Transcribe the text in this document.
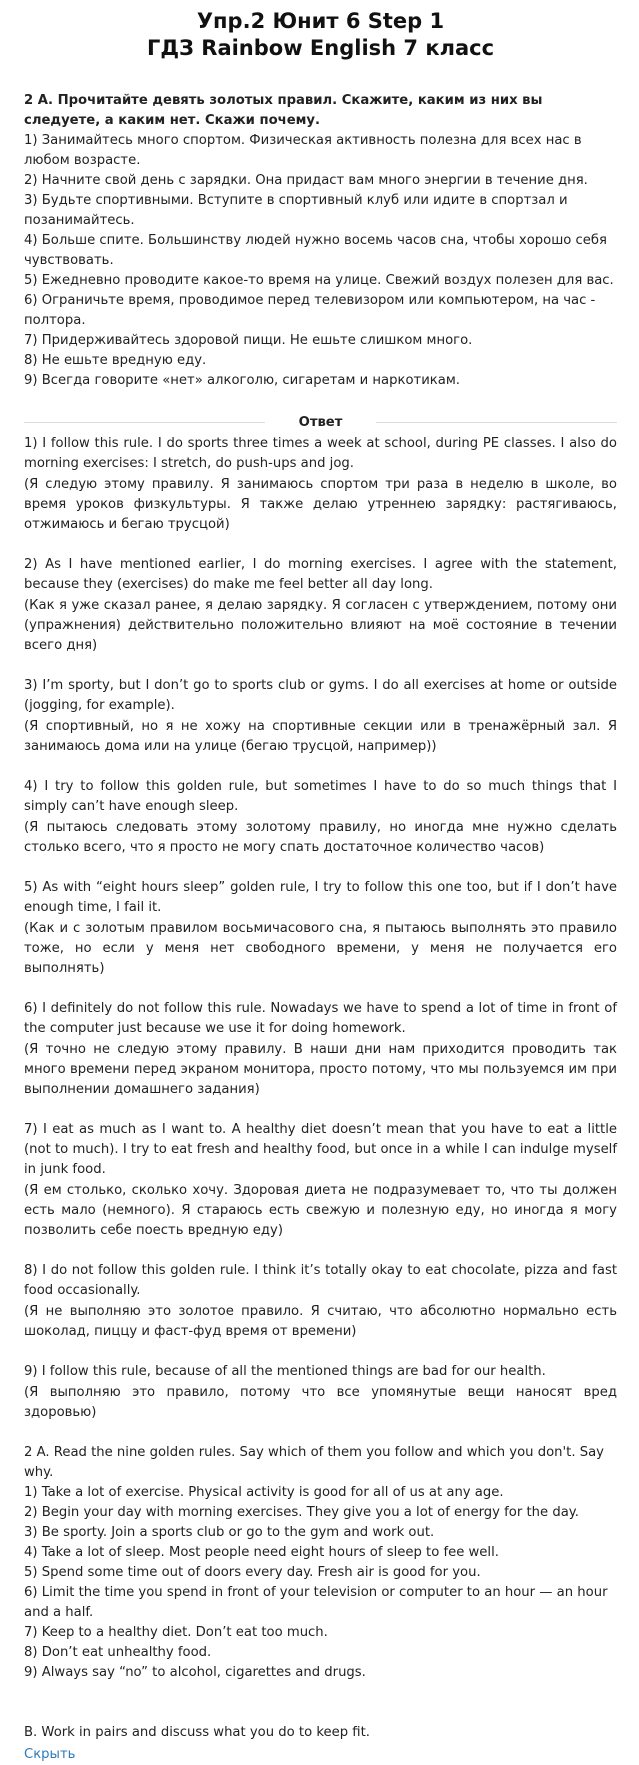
Упр.2 Юнит 6 Step 1
ГДЗ Rainbow English 7 класс

2 А. Прочитайте девять золотых правил. Скажите, каким из них вы следуете, а каким нет. Скажи почему.

1) Занимайтесь много спортом. Физическая активность полезна для всех нас в любом возрасте.

2) Начните свой день с зарядки. Она придаст вам много энергии в течение дня.

3) Будьте спортивными. Вступите в спортивный клуб или идите в спортзал и позанимайтесь.

4) Больше спите. Большинству людей нужно восемь часов сна, чтобы хорошо себя чувствовать.

5) Ежедневно проводите какое-то время на улице. Свежий воздух полезен для вас.

6) Ограничьте время, проводимое перед телевизором или компьютером, на час - полтора.

7) Придерживайтесь здоровой пищи. Не ешьте слишком много.

8) Не ешьте вредную еду.

9) Всегда говорите «нет» алкоголю, сигаретам и наркотикам.

Ответ

1) I follow this rule. I do sports three times a week at school, during PE classes. I also do morning exercises: I stretch, do push-ups and jog.

(Я следую этому правилу. Я занимаюсь спортом три раза в неделю в школе, во время уроков физкультуры. Я также делаю утреннею зарядку: растягиваюсь, отжимаюсь и бегаю трусцой)

2) As I have mentioned earlier, I do morning exercises. I agree with the statement, because they (exercises) do make me feel better all day long.

(Как я уже сказал ранее, я делаю зарядку. Я согласен с утверждением, потому они (упражнения) действительно положительно влияют на моё состояние в течении всего дня)

3) I’m sporty, but I don’t go to sports club or gyms. I do all exercises at home or outside (jogging, for example).

(Я спортивный, но я не хожу на спортивные секции или в тренажёрный зал. Я занимаюсь дома или на улице (бегаю трусцой, например))

4) I try to follow this golden rule, but sometimes I have to do so much things that I simply can’t have enough sleep.

(Я пытаюсь следовать этому золотому правилу, но иногда мне нужно сделать столько всего, что я просто не могу спать достаточное количество часов)

5) As with “eight hours sleep” golden rule, I try to follow this one too, but if I don’t have enough time, I fail it.

(Как и с золотым правилом восьмичасового сна, я пытаюсь выполнять это правило тоже, но если у меня нет свободного времени, у меня не получается его выполнять)

6) I definitely do not follow this rule. Nowadays we have to spend a lot of time in front of the computer just because we use it for doing homework.

(Я точно не следую этому правилу. В наши дни нам приходится проводить так много времени перед экраном монитора, просто потому, что мы пользуемся им при выполнении домашнего задания)

7) I eat as much as I want to. A healthy diet doesn’t mean that you have to eat a little (not to much). I try to eat fresh and healthy food, but once in a while I can indulge myself in junk food.

(Я ем столько, сколько хочу. Здоровая диета не подразумевает то, что ты должен есть мало (немного). Я стараюсь есть свежую и полезную еду, но иногда я могу позволить себе поесть вредную еду)

8) I do not follow this golden rule. I think it’s totally okay to eat chocolate, pizza and fast food occasionally.

(Я не выполняю это золотое правило. Я считаю, что абсолютно нормально есть шоколад, пиццу и фаст-фуд время от времени)

9) I follow this rule, because of all the mentioned things are bad for our health.

(Я выполняю это правило, потому что все упомянутые вещи наносят вред здоровью)

2 A. Read the nine golden rules. Say which of them you follow and which you don't. Say why.

1) Take a lot of exercise. Physical activity is good for all of us at any age.

2) Begin your day with morning exercises. They give you a lot of energy for the day.

3) Be sporty. Join a sports club or go to the gym and work out.

4) Take a lot of sleep. Most people need eight hours of sleep to fee well.

5) Spend some time out of doors every day. Fresh air is good for you.

6) Limit the time you spend in front of your television or computer to an hour — an hour and a half.

7) Keep to a healthy diet. Don’t eat too much.

8) Don’t eat unhealthy food.

9) Always say “no” to alcohol, cigarettes and drugs.

B. Work in pairs and discuss what you do to keep fit.

Скрыть
